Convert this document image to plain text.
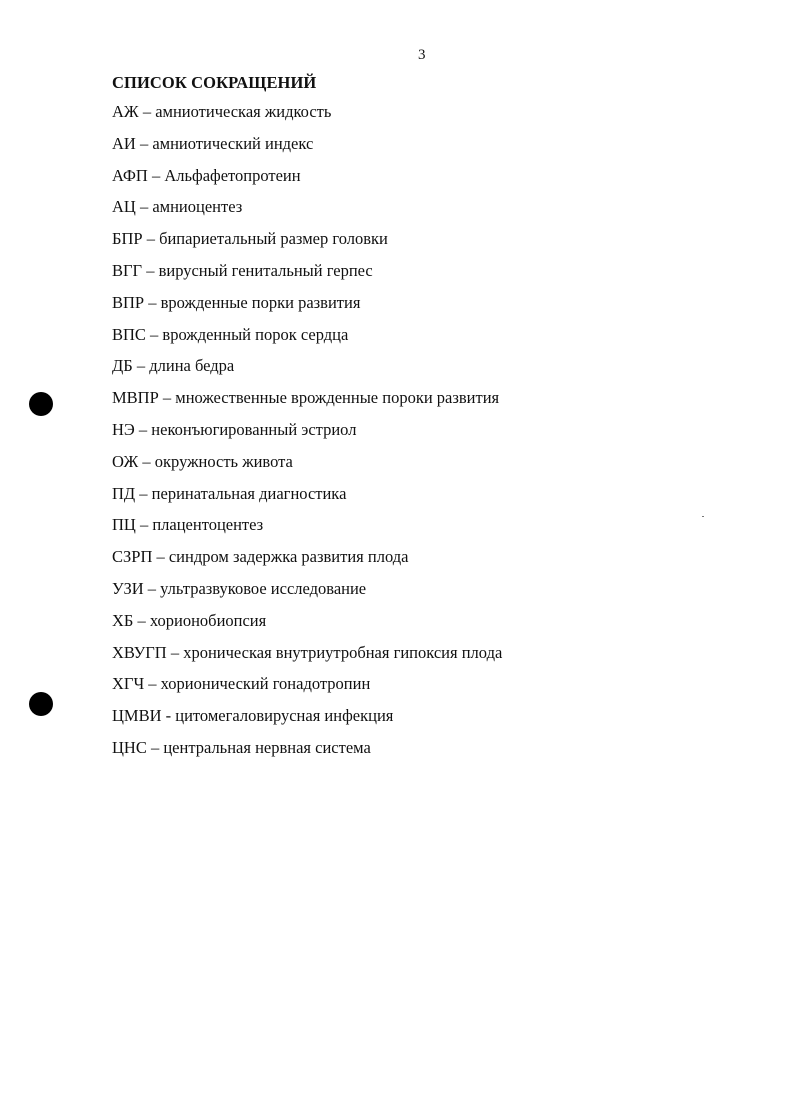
3
СПИСОК СОКРАЩЕНИЙ
АЖ – амниотическая жидкость
АИ – амниотический индекс
АФП – Альфафетопротеин
АЦ – амниоцентез
БПР – бипариетальный размер головки
ВГГ – вирусный генитальный герпес
ВПР – врожденные порки развития
ВПС – врожденный порок сердца
ДБ – длина бедра
МВПР – множественные врожденные пороки развития
НЭ – неконъюгированный эстриол
ОЖ – окружность живота
ПД – перинатальная диагностика
ПЦ – плацентоцентез
СЗРП – синдром задержка развития плода
УЗИ – ультразвуковое исследование
ХБ – хорионобиопсия
ХВУГП – хроническая внутриутробная гипоксия плода
ХГЧ – хорионический гонадотропин
ЦМВИ - цитомегаловирусная инфекция
ЦНС – центральная нервная система
